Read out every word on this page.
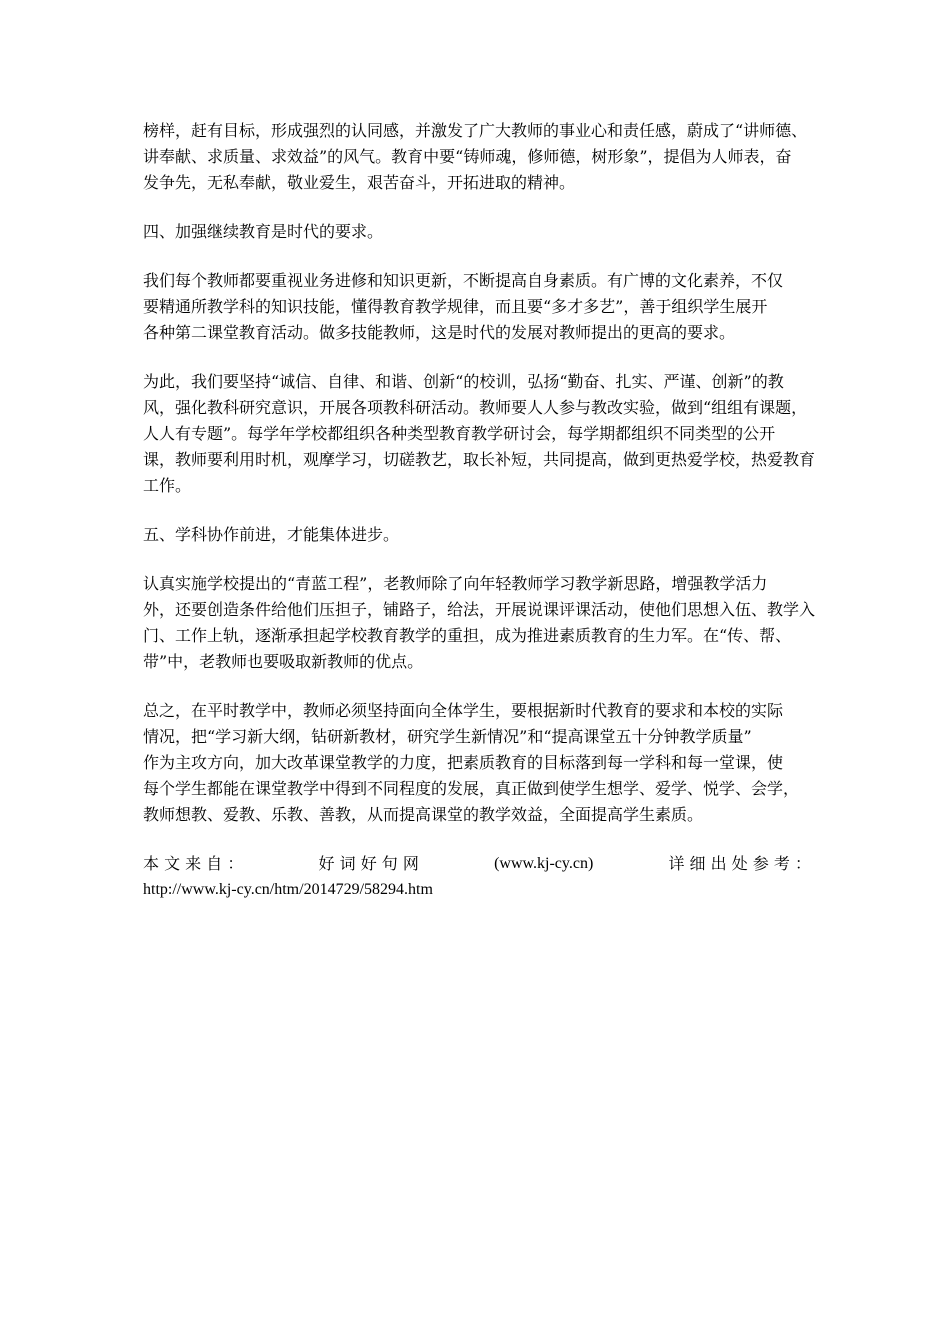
榜样，赶有目标，形成强烈的认同感，并激发了广大教师的事业心和责任感，蔚成了“讲师德、
讲奉献、求质量、求效益”的风气。教育中要“铸师魂，修师德，树形象”，提倡为人师表，奋
发争先，无私奉献，敬业爱生，艰苦奋斗，开拓进取的精神。
四、加强继续教育是时代的要求。
我们每个教师都要重视业务进修和知识更新，不断提高自身素质。有广博的文化素养，不仅
要精通所教学科的知识技能，懂得教育教学规律，而且要“多才多艺”，善于组织学生展开
各种第二课堂教育活动。做多技能教师，这是时代的发展对教师提出的更高的要求。
为此，我们要坚持“诚信、自律、和谐、创新“的校训，弘扬“勤奋、扎实、严谨、创新”的教
风，强化教科研究意识，开展各项教科研活动。教师要人人参与教改实验，做到“组组有课题，
人人有专题”。每学年学校都组织各种类型教育教学研讨会，每学期都组织不同类型的公开
课，教师要利用时机，观摩学习，切磋教艺，取长补短，共同提高，做到更热爱学校，热爱教育
工作。
五、学科协作前进，才能集体进步。
认真实施学校提出的“青蓝工程”，老教师除了向年轻教师学习教学新思路，增强教学活力
外，还要创造条件给他们压担子，铺路子，给法，开展说课评课活动，使他们思想入伍、教学入
门、工作上轨，逐渐承担起学校教育教学的重担，成为推进素质教育的生力军。在“传、帮、
带”中，老教师也要吸取新教师的优点。
总之，在平时教学中，教师必须坚持面向全体学生，要根据新时代教育的要求和本校的实际
情况，把“学习新大纲，钻研新教材，研究学生新情况”和“提高课堂五十分钟教学质量”
作为主攻方向，加大改革课堂教学的力度，把素质教育的目标落到每一学科和每一堂课，使
每个学生都能在课堂教学中得到不同程度的发展，真正做到使学生想学、爱学、悦学、会学，
教师想教、爱教、乐教、善教，从而提高课堂的教学效益，全面提高学生素质。
本 文 来 自 ：	好 词 好 句 网	(www.kj-cy.cn)	详 细 出 处 参 考 ：
http://www.kj-cy.cn/htm/2014729/58294.htm
